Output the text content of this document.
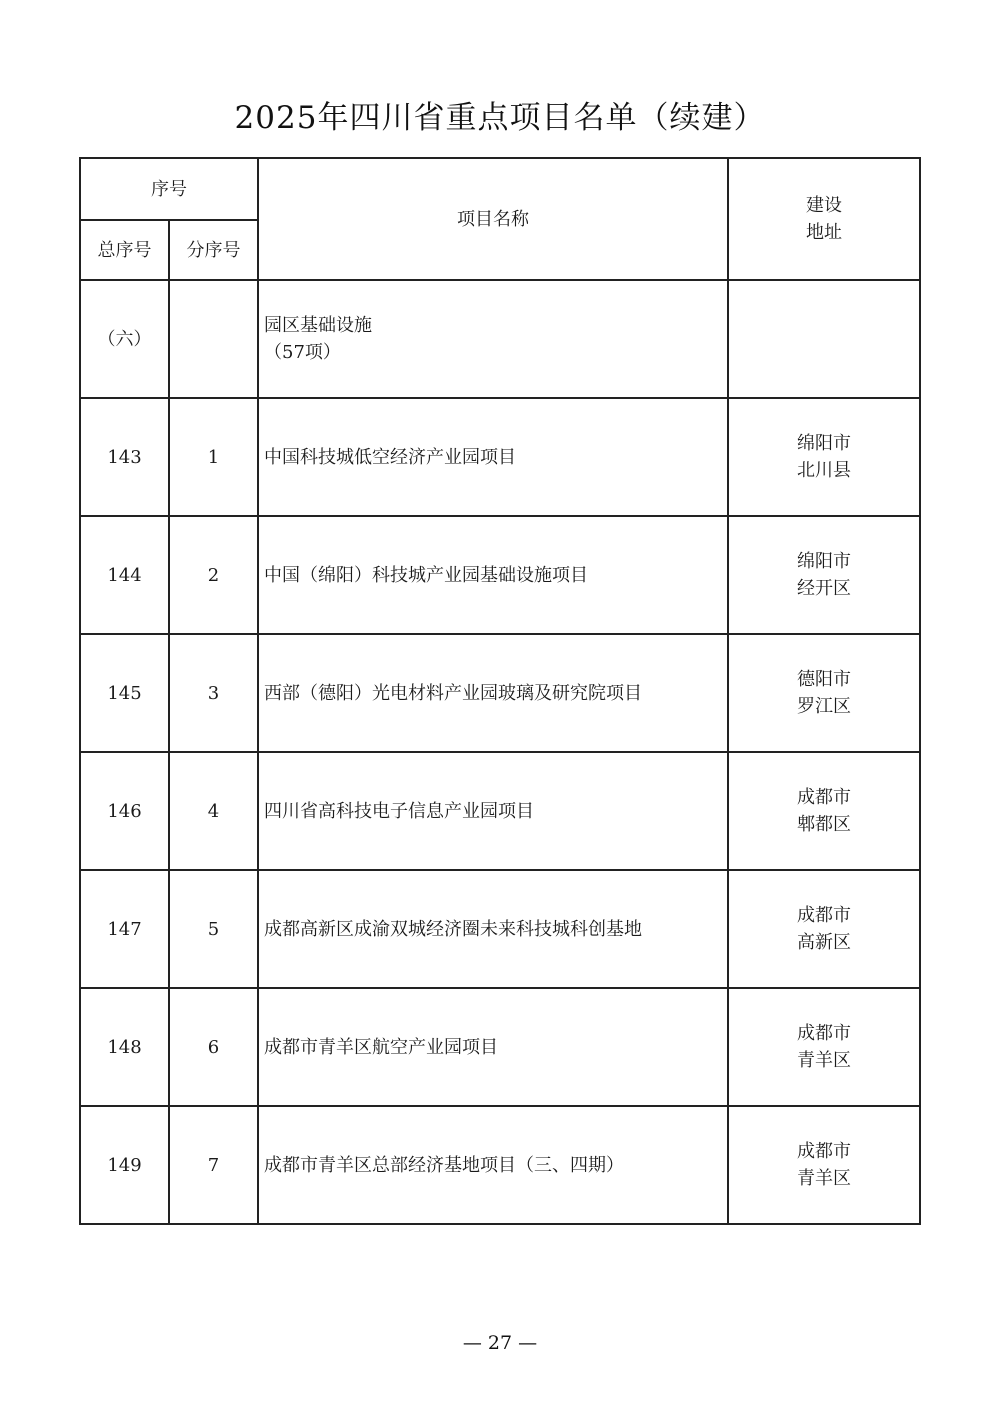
2025年四川省重点项目名单（续建）
序号		项目名称	建设
地址

总序号	分序号		
（六）		园区基础设施
（57项）	

143	1	中国科技城低空经济产业园项目	绵阳市
北川县

144	2	中国（绵阳）科技城产业园基础设施项目	绵阳市
经开区

145	3	西部（德阳）光电材料产业园玻璃及研究院项目	德阳市
罗江区

146	4	四川省高科技电子信息产业园项目	成都市
郫都区

147	5	成都高新区成渝双城经济圈未来科技城科创基地	成都市
高新区

148	6	成都市青羊区航空产业园项目	成都市
青羊区

149	7	成都市青羊区总部经济基地项目（三、四期）	成都市
青羊区
— 27 —
